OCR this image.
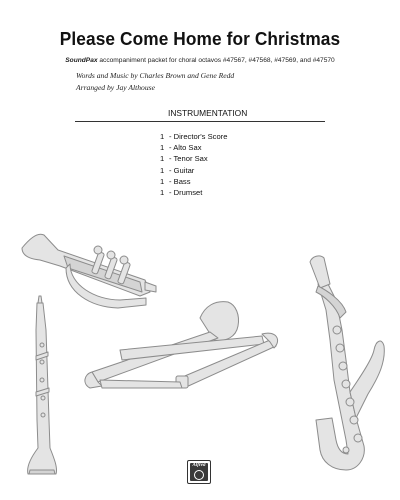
Please Come Home for Christmas
SoundPax accompaniment packet for choral octavos #47567, #47568, #47569, and #47570
Words and Music by Charles Brown and Gene Redd
Arranged by Jay Althouse
INSTRUMENTATION
1 - Director's Score
1 - Alto Sax
1 - Tenor Sax
1 - Guitar
1 - Bass
1 - Drumset
Alfred
